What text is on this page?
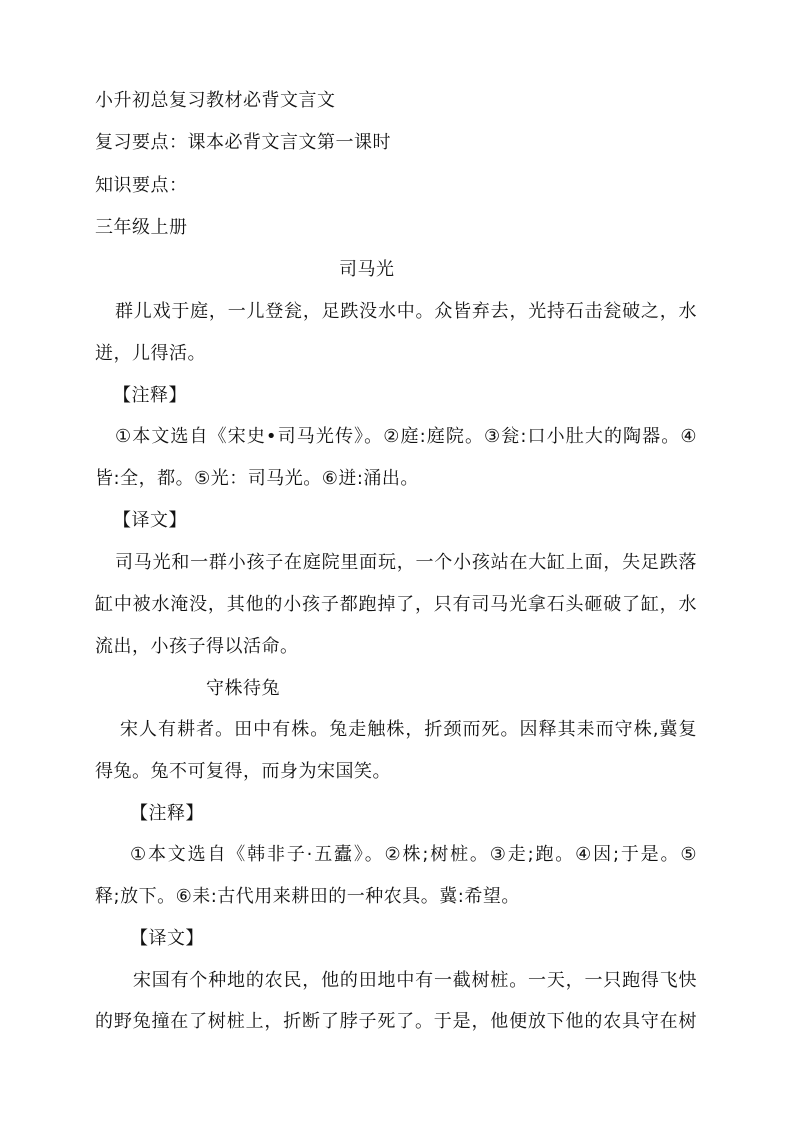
小升初总复习教材必背文言文
复习要点：课本必背文言文第一课时
知识要点：
三年级上册
司马光
群儿戏于庭，一儿登瓮，足跌没水中。众皆弃去，光持石击瓮破之，水
迸，儿得活。
【注释】
①本文选自《宋史•司马光传》。②庭:庭院。③瓮:口小肚大的陶器。④
皆:全，都。⑤光：司马光。⑥迸:涌出。
【译文】
司马光和一群小孩子在庭院里面玩，一个小孩站在大缸上面，失足跌落
缸中被水淹没，其他的小孩子都跑掉了，只有司马光拿石头砸破了缸，水
流出，小孩子得以活命。
守株待兔
宋人有耕者。田中有株。兔走触株，折颈而死。因释其耒而守株,冀复
得兔。兔不可复得，而身为宋国笑。
【注释】
①本文选自《韩非子·五蠹》。②株;树桩。③走;跑。④因;于是。⑤
释;放下。⑥耒:古代用来耕田的一种农具。冀:希望。
【译文】
宋国有个种地的农民，他的田地中有一截树桩。一天，一只跑得飞快
的野兔撞在了树桩上，折断了脖子死了。于是，他便放下他的农具守在树
